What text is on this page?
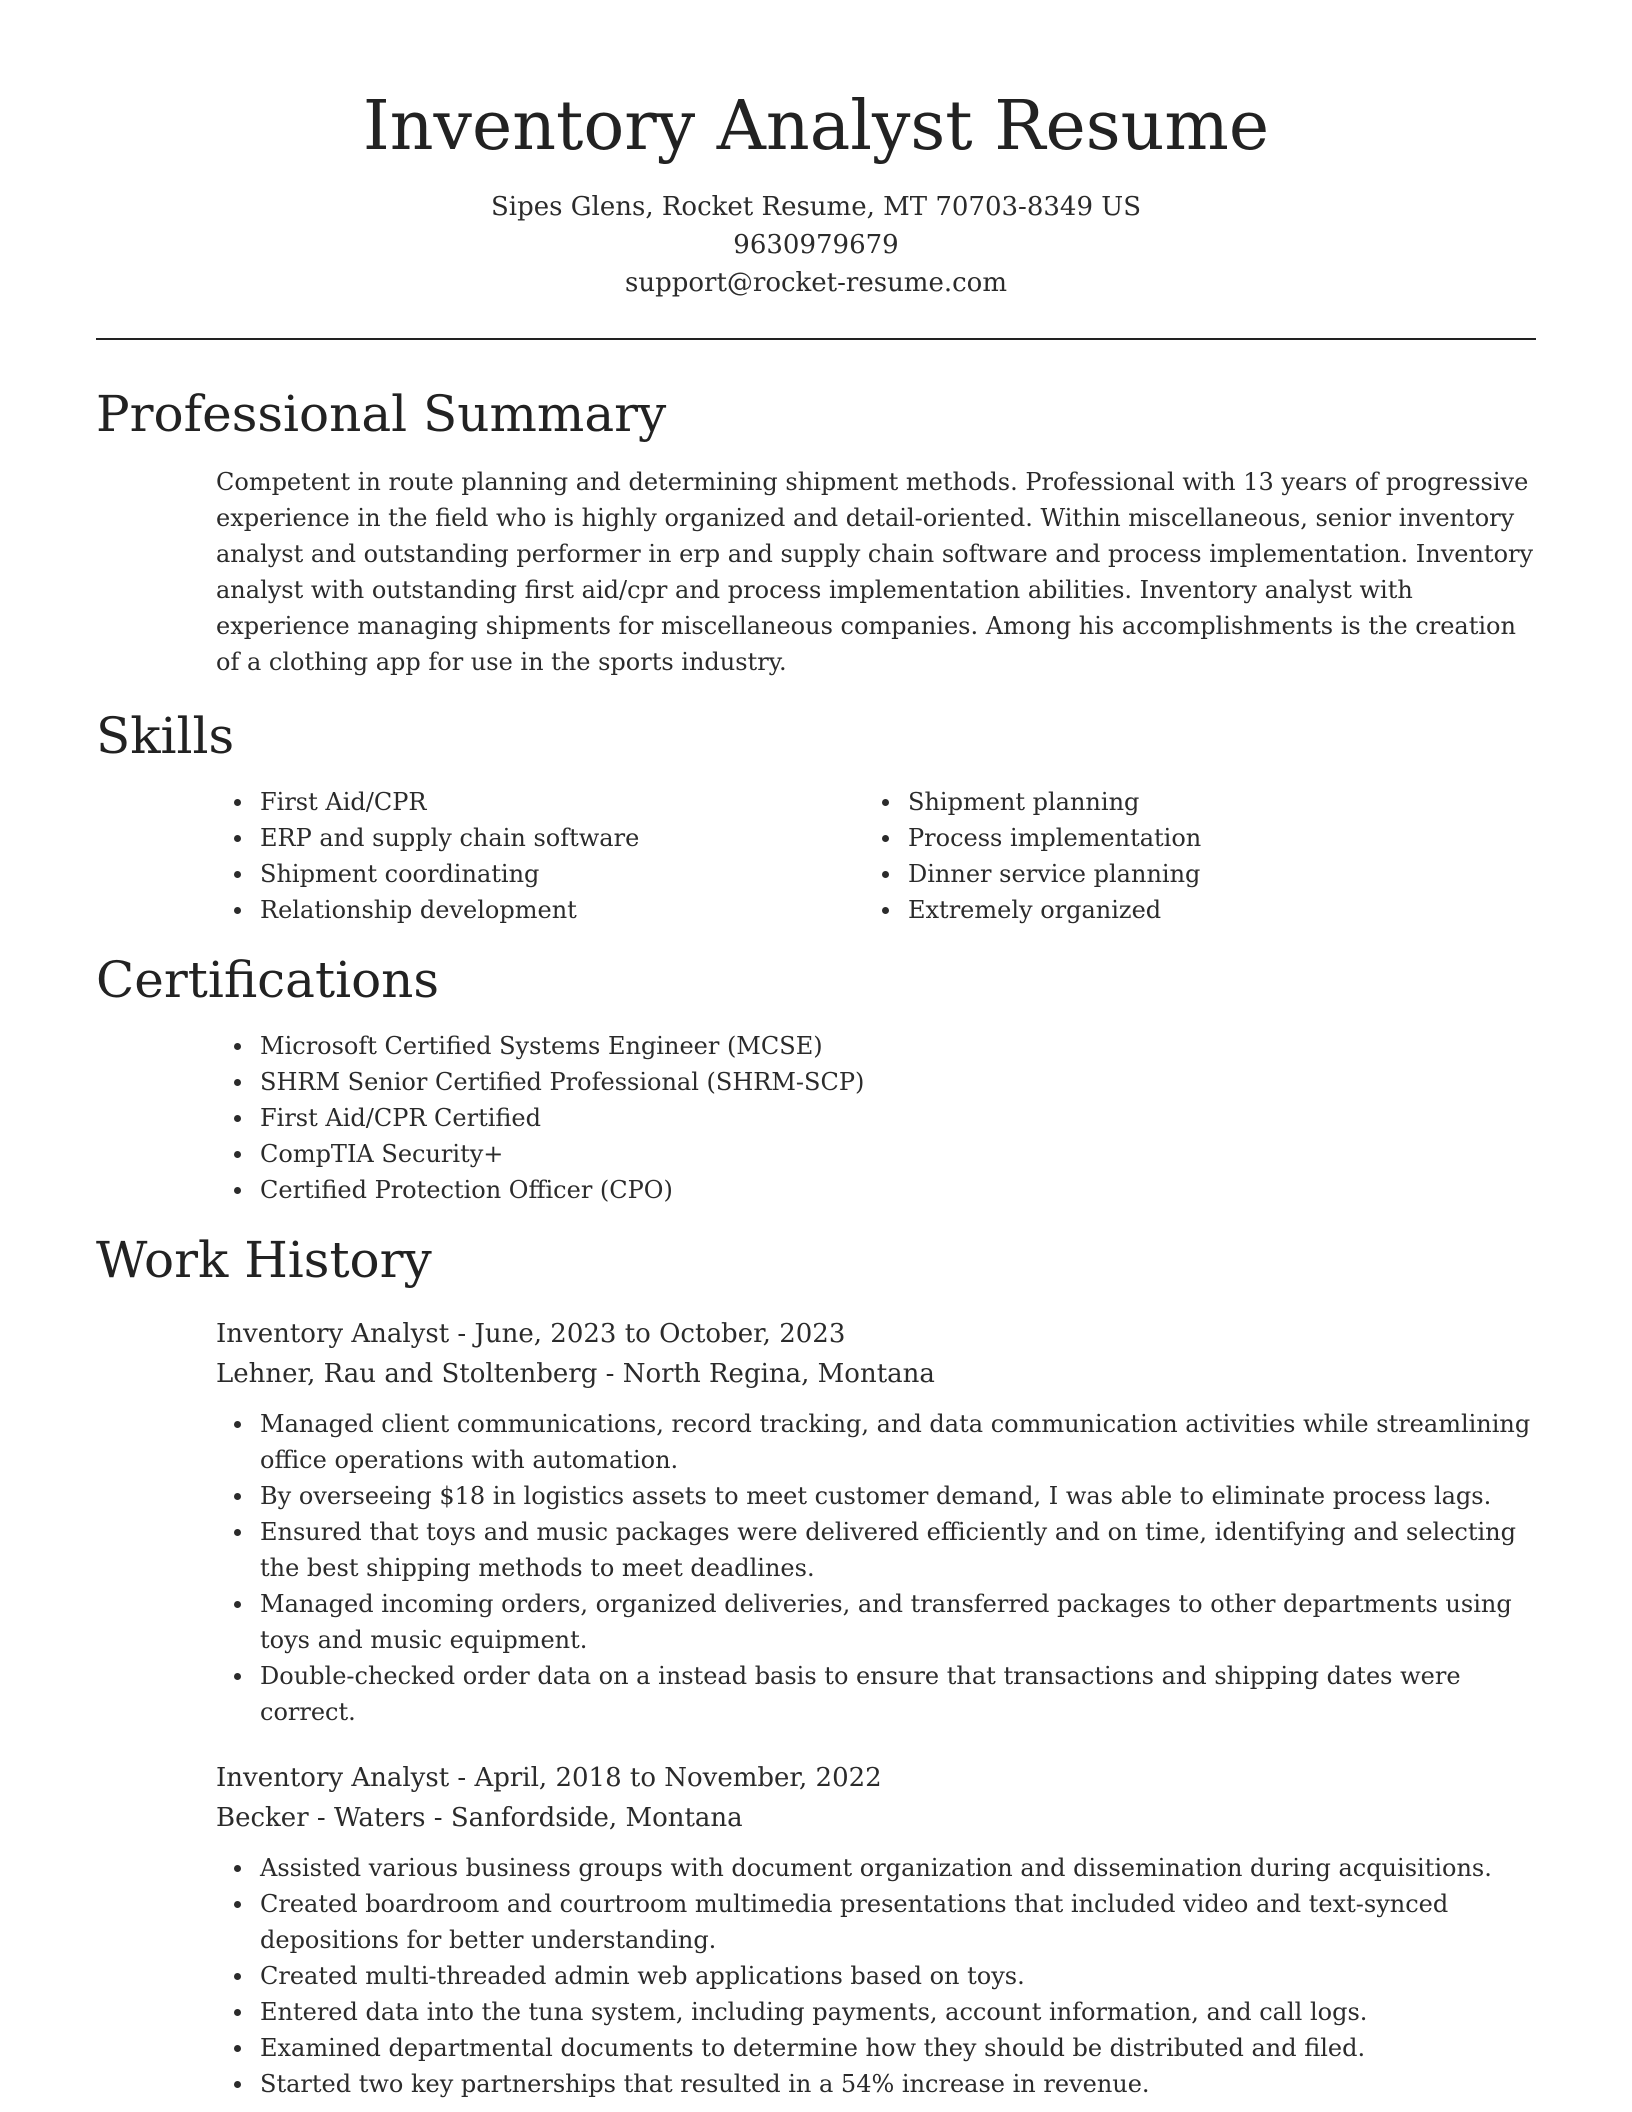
Inventory Analyst Resume

Sipes Glens, Rocket Resume, MT 70703-8349 US

9630979679

support@rocket-resume.com

Professional Summary

Competent in route planning and determining shipment methods. Professional with 13 years of progressive experience in the field who is highly organized and detail-oriented. Within miscellaneous, senior inventory analyst and outstanding performer in erp and supply chain software and process implementation. Inventory analyst with outstanding first aid/cpr and process implementation abilities. Inventory analyst with experience managing shipments for miscellaneous companies. Among his accomplishments is the creation of a clothing app for use in the sports industry.

Skills
First Aid/CPR
ERP and supply chain software
Shipment coordinating
Relationship development
Shipment planning
Process implementation
Dinner service planning
Extremely organized
Certifications
Microsoft Certified Systems Engineer (MCSE)
SHRM Senior Certified Professional (SHRM-SCP)
First Aid/CPR Certified
CompTIA Security+
Certified Protection Officer (CPO)
Work History

Inventory Analyst - June, 2023 to October, 2023

Lehner, Rau and Stoltenberg - North Regina, Montana

Managed client communications, record tracking, and data communication activities while streamlining office operations with automation.
By overseeing $18 in logistics assets to meet customer demand, I was able to eliminate process lags.
Ensured that toys and music packages were delivered efficiently and on time, identifying and selecting the best shipping methods to meet deadlines.
Managed incoming orders, organized deliveries, and transferred packages to other departments using toys and music equipment.
Double-checked order data on a instead basis to ensure that transactions and shipping dates were correct.

Inventory Analyst - April, 2018 to November, 2022

Becker - Waters - Sanfordside, Montana

Assisted various business groups with document organization and dissemination during acquisitions.
Created boardroom and courtroom multimedia presentations that included video and text-synced depositions for better understanding.
Created multi-threaded admin web applications based on toys.
Entered data into the tuna system, including payments, account information, and call logs.
Examined departmental documents to determine how they should be distributed and filed.
Started two key partnerships that resulted in a 54% increase in revenue.
